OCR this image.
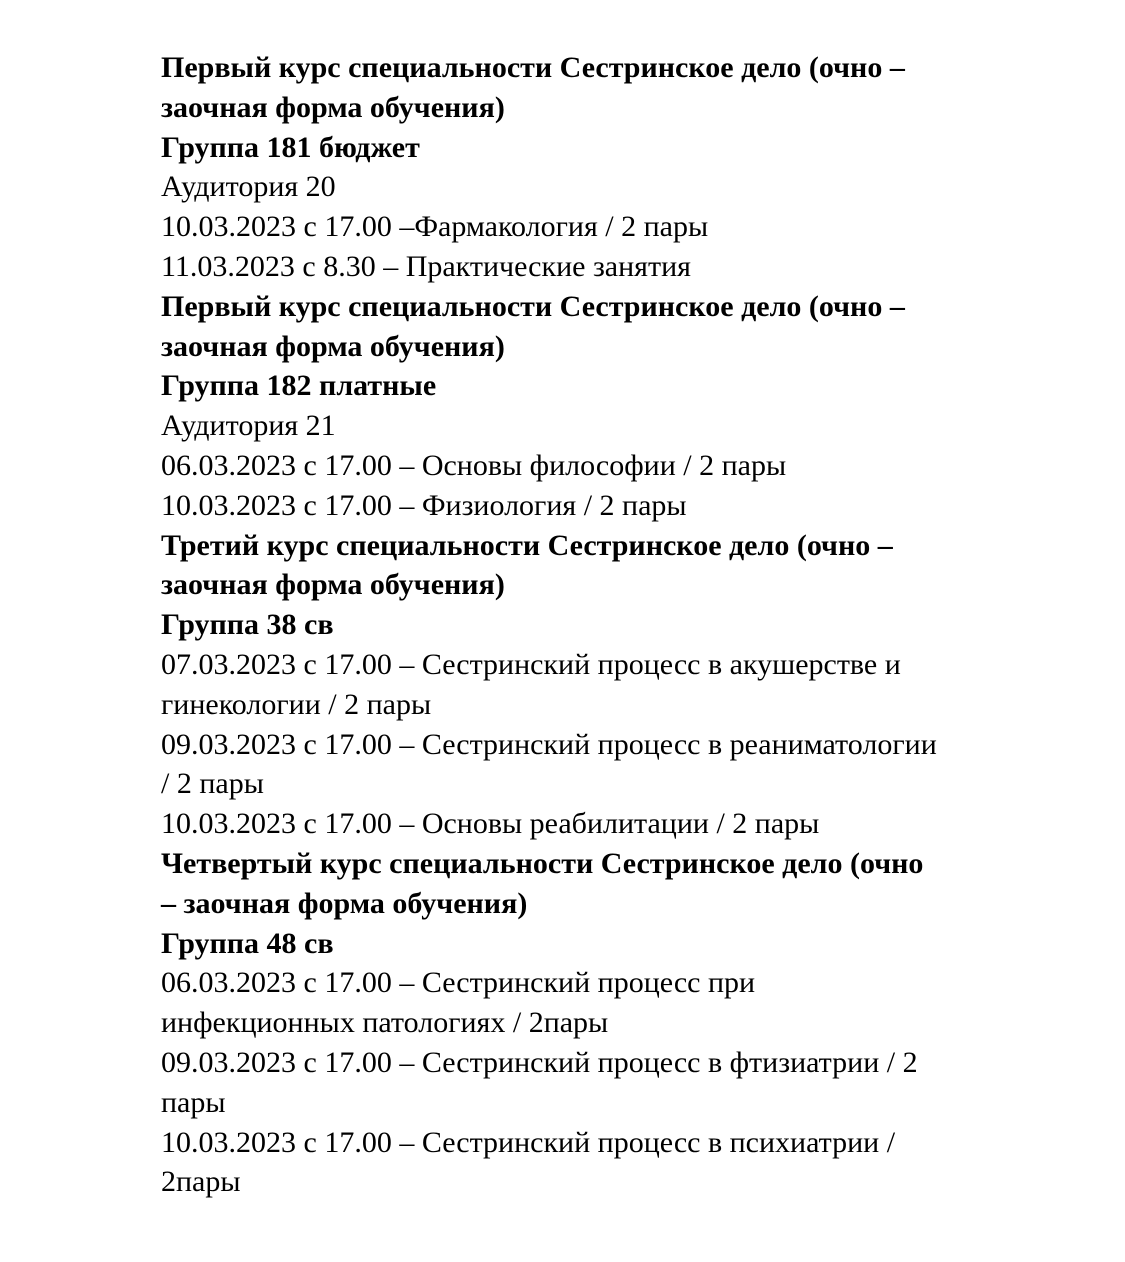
Первый курс специальности Сестринское дело (очно –
заочная форма обучения)
Группа 181 бюджет
Аудитория 20
10.03.2023 с 17.00 –Фармакология / 2 пары
11.03.2023 с 8.30 – Практические занятия
Первый курс специальности Сестринское дело (очно –
заочная форма обучения)
Группа 182 платные
Аудитория 21
06.03.2023 с 17.00 – Основы философии / 2 пары
10.03.2023 с 17.00 – Физиология / 2 пары
Третий курс специальности Сестринское дело (очно –
заочная форма обучения)
Группа 38 св
07.03.2023 с 17.00 – Сестринский процесс в акушерстве и
гинекологии / 2 пары
09.03.2023 с 17.00 – Сестринский процесс в реаниматологии
/ 2 пары
10.03.2023 с 17.00 – Основы реабилитации / 2 пары
Четвертый курс специальности Сестринское дело (очно
– заочная форма обучения)
Группа 48 св
06.03.2023 с 17.00 – Сестринский процесс при
инфекционных патологиях / 2пары
09.03.2023 с 17.00 – Сестринский процесс в фтизиатрии / 2
пары
10.03.2023 с 17.00 – Сестринский процесс в психиатрии /
2пары
